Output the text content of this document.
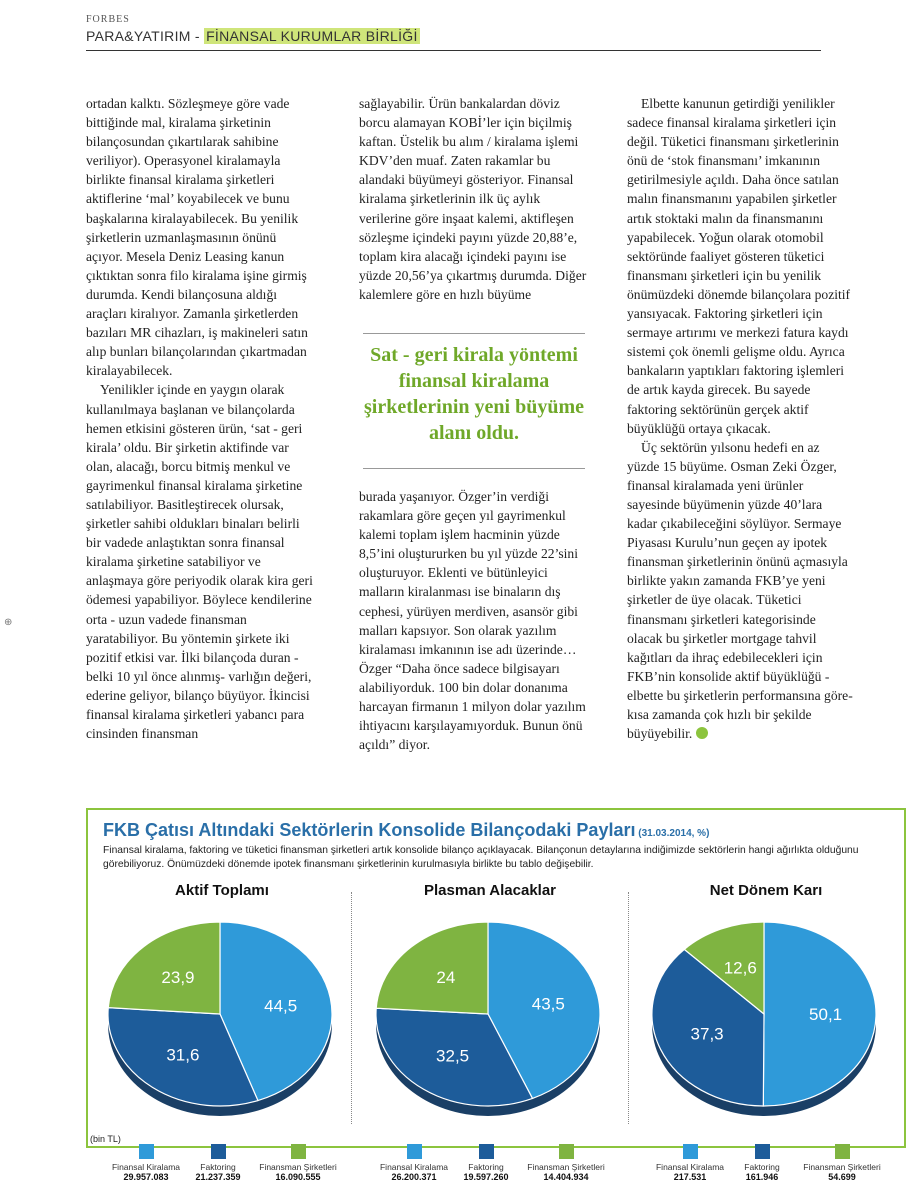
FORBES
PARA&YATIRIM - FİNANSAL KURUMLAR BİRLİĞİ
⊕

ortadan kalktı. Sözleşmeye göre vade bittiğinde mal, kiralama şirketinin bilançosundan çıkartılarak sahibine veriliyor). Operasyonel kiralamayla birlikte finansal kiralama şirketleri aktiflerine ‘mal’ koyabilecek ve bunu başkalarına kiralayabilecek. Bu yenilik şirketlerin uzmanlaşmasının önünü açıyor. Mesela Deniz Leasing kanun çıktıktan sonra filo kiralama işine girmiş durumda. Kendi bilançosuna aldığı araçları kiralıyor. Zamanla şirketlerden bazıları MR cihazları, iş makineleri satın alıp bunları bilançolarından çıkartmadan kiralayabilecek.

Yenilikler içinde en yaygın olarak kullanılmaya başlanan ve bilançolarda hemen etkisini gösteren ürün, ‘sat - geri kirala’ oldu. Bir şirketin aktifinde var olan, alacağı, borcu bitmiş menkul ve gayrimenkul finansal kiralama şirketine satılabiliyor. Basitleştirecek olursak, şirketler sahibi oldukları binaları belirli bir vadede anlaştıktan sonra finansal kiralama şirketine satabiliyor ve anlaşmaya göre periyodik olarak kira geri ödemesi yapabiliyor. Böylece kendilerine orta - uzun vadede finansman yaratabiliyor. Bu yöntemin şirkete iki pozitif etkisi var. İlki bilançoda duran -belki 10 yıl önce alınmış- varlığın değeri, ederine geliyor, bilanço büyüyor. İkincisi finansal kiralama şirketleri yabancı para cinsinden finansman

sağlayabilir. Ürün bankalardan döviz borcu alamayan KOBİ’ler için biçilmiş kaftan. Üstelik bu alım / kiralama işlemi KDV’den muaf. Zaten rakamlar bu alandaki büyümeyi gösteriyor. Finansal kiralama şirketlerinin ilk üç aylık verilerine göre inşaat kalemi, aktifleşen sözleşme içindeki payını yüzde 20,88’e, toplam kira alacağı içindeki payını ise yüzde 20,56’ya çıkartmış durumda. Diğer kalemlere göre en hızlı büyüme

Sat - geri kirala yöntemi finansal kiralama şirketlerinin yeni büyüme alanı oldu.

burada yaşanıyor. Özger’in verdiği rakamlara göre geçen yıl gayrimenkul kalemi toplam işlem hacminin yüzde 8,5’ini oluştururken bu yıl yüzde 22’sini oluşturuyor. Eklenti ve bütünleyici malların kiralanması ise binaların dış cephesi, yürüyen merdiven, asansör gibi malları kapsıyor. Son olarak yazılım kiralaması imkanının ise adı üzerinde… Özger “Daha önce sadece bilgisayarı alabiliyorduk. 100 bin dolar donanıma harcayan firmanın 1 milyon dolar yazılım ihtiyacını karşılayamıyorduk. Bunun önü açıldı” diyor.

Elbette kanunun getirdiği yenilikler sadece finansal kiralama şirketleri için değil. Tüketici finansmanı şirketlerinin önü de ‘stok finansmanı’ imkanının getirilmesiyle açıldı. Daha önce satılan malın finansmanını yapabilen şirketler artık stoktaki malın da finansmanını yapabilecek. Yoğun olarak otomobil sektöründe faaliyet gösteren tüketici finansmanı şirketleri için bu yenilik önümüzdeki dönemde bilançolara pozitif yansıyacak. Faktoring şirketleri için sermaye artırımı ve merkezi fatura kaydı sistemi çok önemli gelişme oldu. Ayrıca bankaların yaptıkları faktoring işlemleri de artık kayda girecek. Bu sayede faktoring sektörünün gerçek aktif büyüklüğü ortaya çıkacak.

Üç sektörün yılsonu hedefi en az yüzde 15 büyüme. Osman Zeki Özger, finansal kiralamada yeni ürünler sayesinde büyümenin yüzde 40’lara kadar çıkabileceğini söylüyor. Sermaye Piyasası Kurulu’nun geçen ay ipotek finansman şirketlerinin önünü açmasıyla birlikte yakın zamanda FKB’ye yeni şirketler de üye olacak. Tüketici finansmanı şirketleri kategorisinde olacak bu şirketler mortgage tahvil kağıtları da ihraç edebilecekleri için FKB’nin konsolide aktif büyüklüğü -elbette bu şirketlerin performansına göre- kısa zamanda çok hızlı bir şekilde büyüyebilir.

FKB Çatısı Altındaki Sektörlerin Konsolide Bilançodaki Payları (31.03.2014, %)
Finansal kiralama, faktoring ve tüketici finansman şirketleri artık konsolide bilanço açıklayacak. Bilançonun detaylarına indiğimizde sektörlerin hangi ağırlıkta olduğunu görebiliyoruz. Önümüzdeki dönemde ipotek finansmanı şirketlerinin kurulmasıyla birlikte bu tablo değişebilir.
Aktif Toplamı
44,5
31,6
23,9
Finansal Kiralama
29.957.083
Faktoring
21.237.359
Finansman Şirketleri
16.090.555
Plasman Alacaklar
43,5
32,5
24
Finansal Kiralama
26.200.371
Faktoring
19.597.260
Finansman Şirketleri
14.404.934
Net Dönem Karı
50,1
37,3
12,6
Finansal Kiralama
217.531
Faktoring
161.946
Finansman Şirketleri
54.699
(bin TL)
